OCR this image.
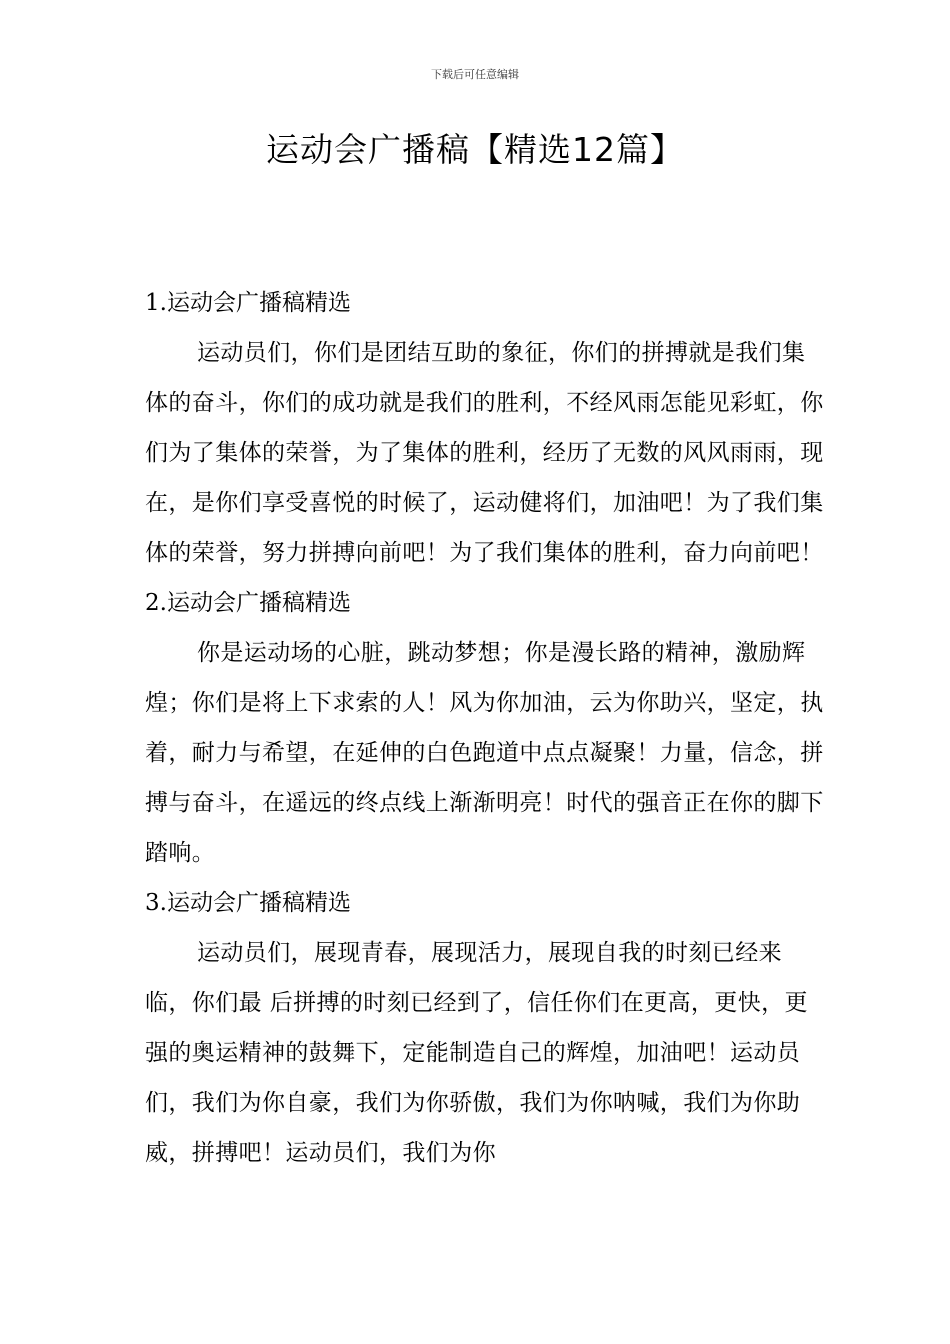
下载后可任意编辑
运动会广播稿【精选12篇】
1.运动会广播稿精选

运动员们，你们是团结互助的象征，你们的拼搏就是我们集体的奋斗，你们的成功就是我们的胜利，不经风雨怎能见彩虹，你们为了集体的荣誉，为了集体的胜利，经历了无数的风风雨雨，现在，是你们享受喜悦的时候了，运动健将们，加油吧！为了我们集体的荣誉，努力拼搏向前吧！为了我们集体的胜利，奋力向前吧！

2.运动会广播稿精选

你是运动场的心脏，跳动梦想；你是漫长路的精神，激励辉煌；你们是将上下求索的人！风为你加油，云为你助兴，坚定，执着，耐力与希望，在延伸的白色跑道中点点凝聚！力量，信念，拼搏与奋斗，在遥远的终点线上渐渐明亮！时代的强音正在你的脚下踏响。

3.运动会广播稿精选

运动员们，展现青春，展现活力，展现自我的时刻已经来临，你们最 后拼搏的时刻已经到了，信任你们在更高，更快，更强的奥运精神的鼓舞下，定能制造自己的辉煌，加油吧！运动员们，我们为你自豪，我们为你骄傲，我们为你呐喊，我们为你助威，拼搏吧！运动员们，我们为你
